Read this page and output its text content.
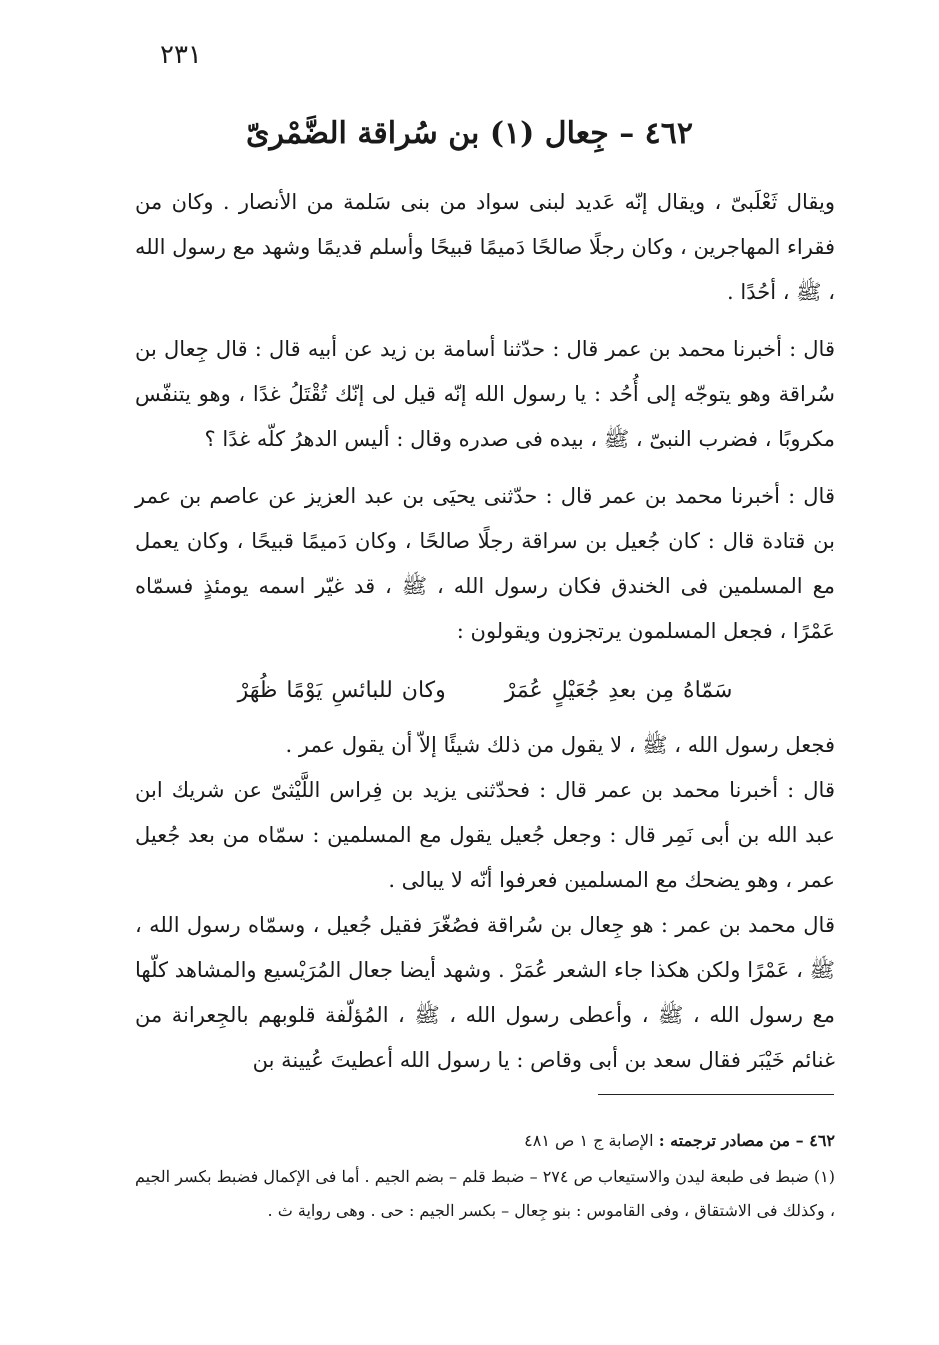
٢٣١
٤٦٢ – جِعال (١) بن سُراقة الضَّمْرىّ

ويقال ثَعْلَبىّ ، ويقال إنّه عَديد لبنى سواد من بنى سَلمة من الأنصار . وكان من فقراء المهاجرين ، وكان رجلًا صالحًا دَميمًا قبيحًا وأسلم قديمًا وشهد مع رسول الله ، ﷺ ، أحُدًا .

قال : أخبرنا محمد بن عمر قال : حدّثنا أسامة بن زيد عن أبيه قال : قال جِعال بن سُراقة وهو يتوجّه إلى أُحُد : يا رسول الله إنّه قيل لى إنّك تُقْتَلُ غدًا ، وهو يتنفّس مكروبًا ، فضرب النبىّ ، ﷺ ، بيده فى صدره وقال : أليس الدهرُ كلّه غدًا ؟

قال : أخبرنا محمد بن عمر قال : حدّثنى يحيَى بن عبد العزيز عن عاصم بن عمر بن قتادة قال : كان جُعيل بن سراقة رجلًا صالحًا ، وكان دَميمًا قبيحًا ، وكان يعمل مع المسلمين فى الخندق فكان رسول الله ، ﷺ ، قد غيّر اسمه يومئذٍ فسمّاه عَمْرًا ، فجعل المسلمون يرتجزون ويقولون :

سَمّاهُ مِن بعدِ جُعَيْلٍ عُمَرْ وكان للبائسِ يَوْمًا ظُهَرْ

فجعل رسول الله ، ﷺ ، لا يقول من ذلك شيئًا إلاّ أن يقول عمر .

قال : أخبرنا محمد بن عمر قال : فحدّثنى يزيد بن فِراس اللَّيْثىّ عن شريك ابن عبد الله بن أبى نَمِر قال : وجعل جُعيل يقول مع المسلمين : سمّاه من بعد جُعيل عمر ، وهو يضحك مع المسلمين فعرفوا أنّه لا يبالى .

قال محمد بن عمر : هو جِعال بن سُراقة فصُغّرَ فقيل جُعيل ، وسمّاه رسول الله ، ﷺ ، عَمْرًا ولكن هكذا جاء الشعر عُمَرْ . وشهد أيضا جعال المُرَيْسيع والمشاهد كلّها مع رسول الله ، ﷺ ، وأعطى رسول الله ، ﷺ ، المُؤلّفة قلوبهم بالجِعرانة من غنائم خَيْبَر فقال سعد بن أبى وقاص : يا رسول الله أعطيتَ عُيينة بن

٤٦٢ – من مصادر ترجمته : الإصابة ج ١ ص ٤٨١

(١) ضبط فى طبعة ليدن والاستيعاب ص ٢٧٤ – ضبط قلم – بضم الجيم . أما فى الإكمال فضبط بكسر الجيم ، وكذلك فى الاشتقاق ، وفى القاموس : بنو جِعال – بكسر الجيم : حى . وهى رواية ث .
